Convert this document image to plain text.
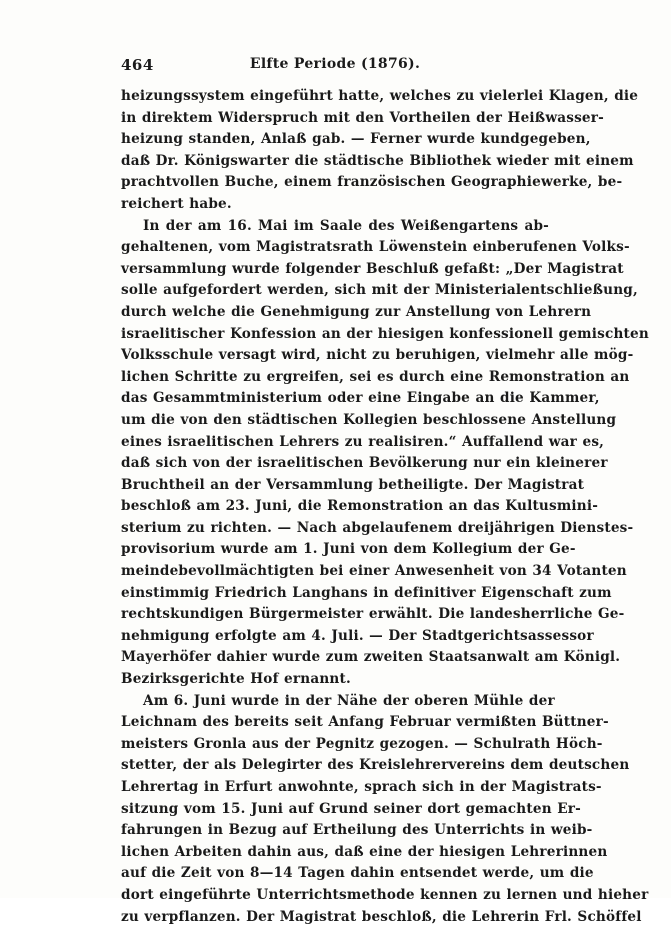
464	Elfte Periode (1876).
heizungssystem eingeführt hatte, welches zu vielerlei Klagen, die
in direktem Widerspruch mit den Vortheilen der Heißwasser-
heizung standen, Anlaß gab. — Ferner wurde kundgegeben,
daß Dr. Königswarter die städtische Bibliothek wieder mit einem
prachtvollen Buche, einem französischen Geographiewerke, be-
reichert habe.
In der am 16. Mai im Saale des Weißengartens ab-
gehaltenen, vom Magistratsrath Löwenstein einberufenen Volks-
versammlung wurde folgender Beschluß gefaßt: „Der Magistrat
solle aufgefordert werden, sich mit der Ministerialentschließung,
durch welche die Genehmigung zur Anstellung von Lehrern
israelitischer Konfession an der hiesigen konfessionell gemischten
Volksschule versagt wird, nicht zu beruhigen, vielmehr alle mög-
lichen Schritte zu ergreifen, sei es durch eine Remonstration an
das Gesammtministerium oder eine Eingabe an die Kammer,
um die von den städtischen Kollegien beschlossene Anstellung
eines israelitischen Lehrers zu realisiren.“ Auffallend war es,
daß sich von der israelitischen Bevölkerung nur ein kleinerer
Bruchtheil an der Versammlung betheiligte. Der Magistrat
beschloß am 23. Juni, die Remonstration an das Kultusmini-
sterium zu richten. — Nach abgelaufenem dreijährigen Dienstes-
provisorium wurde am 1. Juni von dem Kollegium der Ge-
meindebevollmächtigten bei einer Anwesenheit von 34 Votanten
einstimmig Friedrich Langhans in definitiver Eigenschaft zum
rechtskundigen Bürgermeister erwählt. Die landesherrliche Ge-
nehmigung erfolgte am 4. Juli. — Der Stadtgerichtsassessor
Mayerhöfer dahier wurde zum zweiten Staatsanwalt am Königl.
Bezirksgerichte Hof ernannt.
Am 6. Juni wurde in der Nähe der oberen Mühle der
Leichnam des bereits seit Anfang Februar vermißten Büttner-
meisters Gronla aus der Pegnitz gezogen. — Schulrath Höch-
stetter, der als Delegirter des Kreislehrervereins dem deutschen
Lehrertag in Erfurt anwohnte, sprach sich in der Magistrats-
sitzung vom 15. Juni auf Grund seiner dort gemachten Er-
fahrungen in Bezug auf Ertheilung des Unterrichts in weib-
lichen Arbeiten dahin aus, daß eine der hiesigen Lehrerinnen
auf die Zeit von 8—14 Tagen dahin entsendet werde, um die
dort eingeführte Unterrichtsmethode kennen zu lernen und hieher
zu verpflanzen. Der Magistrat beschloß, die Lehrerin Frl. Schöffel
